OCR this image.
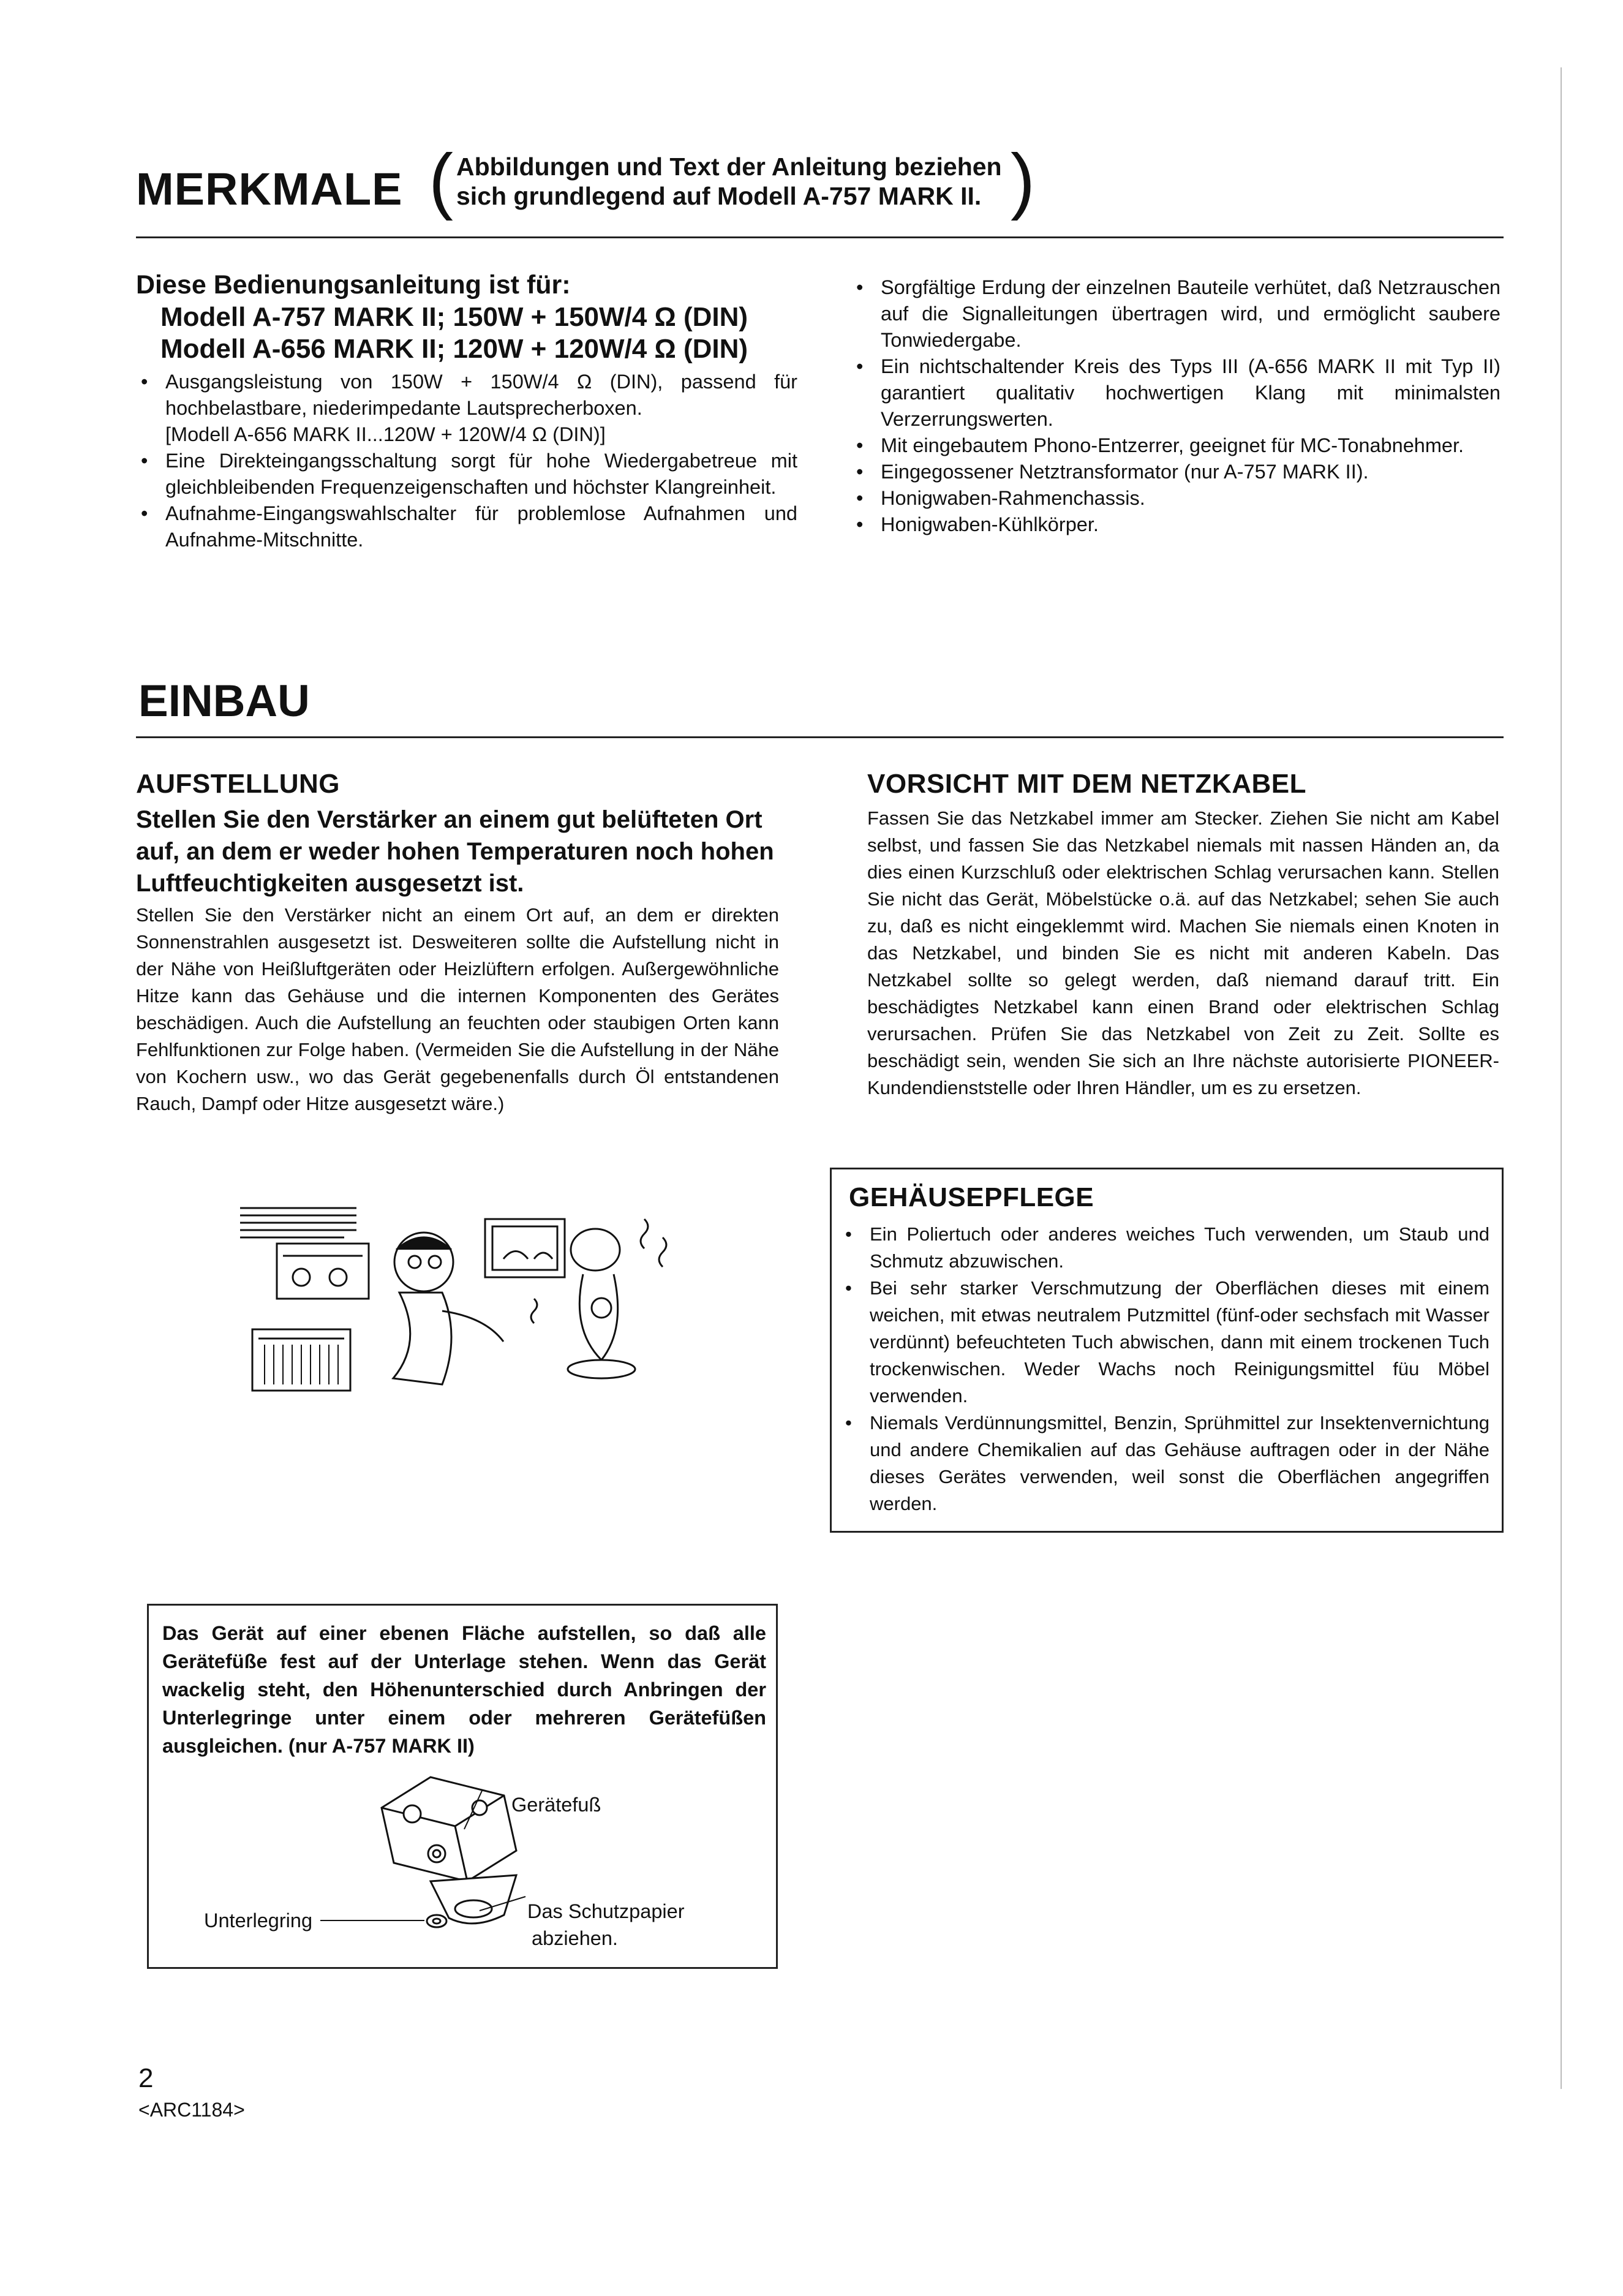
MERKMALE ( Abbildungen und Text der Anleitung beziehen
sich grundlegend auf Modell A-757 MARK II. )
Diese Bedienungsanleitung ist für:
Modell A-757 MARK II; 150W + 150W/4 Ω (DIN)
Modell A-656 MARK II; 120W + 120W/4 Ω (DIN)
• Ausgangsleistung von 150W + 150W/4 Ω (DIN), passend für hochbelastbare, niederimpedante Lautsprecherboxen.
[Modell A-656 MARK II...120W + 120W/4 Ω (DIN)]
• Eine Direkteingangsschaltung sorgt für hohe Wiedergabetreue mit gleichbleibenden Frequenzeigenschaften und höchster Klangreinheit.
• Aufnahme-Eingangswahlschalter für problemlose Aufnahmen und Aufnahme-Mitschnitte.
• Sorgfältige Erdung der einzelnen Bauteile verhütet, daß Netzrauschen auf die Signalleitungen übertragen wird, und ermöglicht saubere Tonwiedergabe.
• Ein nichtschaltender Kreis des Typs III (A-656 MARK II mit Typ II) garantiert qualitativ hochwertigen Klang mit minimalsten Verzerrungswerten.
• Mit eingebautem Phono-Entzerrer, geeignet für MC-Tonabnehmer.
• Eingegossener Netztransformator (nur A-757 MARK II).
• Honigwaben-Rahmenchassis.
• Honigwaben-Kühlkörper.
EINBAU
AUFSTELLUNG
Stellen Sie den Verstärker an einem gut belüfteten Ort auf, an dem er weder hohen Temperaturen noch hohen Luftfeuchtigkeiten ausgesetzt ist.
Stellen Sie den Verstärker nicht an einem Ort auf, an dem er direkten Sonnenstrahlen ausgesetzt ist. Desweiteren sollte die Aufstellung nicht in der Nähe von Heißluftgeräten oder Heizlüftern erfolgen. Außergewöhnliche Hitze kann das Gehäuse und die internen Komponenten des Gerätes beschädigen. Auch die Aufstellung an feuchten oder staubigen Orten kann Fehlfunktionen zur Folge haben. (Vermeiden Sie die Aufstellung in der Nähe von Kochern usw., wo das Gerät gegebenenfalls durch Öl entstandenen Rauch, Dampf oder Hitze ausgesetzt wäre.)
VORSICHT MIT DEM NETZKABEL
Fassen Sie das Netzkabel immer am Stecker. Ziehen Sie nicht am Kabel selbst, und fassen Sie das Netzkabel niemals mit nassen Händen an, da dies einen Kurzschluß oder elektrischen Schlag verursachen kann. Stellen Sie nicht das Gerät, Möbelstücke o.ä. auf das Netzkabel; sehen Sie auch zu, daß es nicht eingeklemmt wird. Machen Sie niemals einen Knoten in das Netzkabel, und binden Sie es nicht mit anderen Kabeln. Das Netzkabel sollte so gelegt werden, daß niemand darauf tritt. Ein beschädigtes Netzkabel kann einen Brand oder elektrischen Schlag verursachen. Prüfen Sie das Netzkabel von Zeit zu Zeit. Sollte es beschädigt sein, wenden Sie sich an Ihre nächste autorisierte PIONEER-Kundendienststelle oder Ihren Händler, um es zu ersetzen.
GEHÄUSEPFLEGE
• Ein Poliertuch oder anderes weiches Tuch verwenden, um Staub und Schmutz abzuwischen.
• Bei sehr starker Verschmutzung der Oberflächen dieses mit einem weichen, mit etwas neutralem Putzmittel (fünf-oder sechsfach mit Wasser verdünnt) befeuchteten Tuch abwischen, dann mit einem trockenen Tuch trockenwischen. Weder Wachs noch Reinigungsmittel füu Möbel verwenden.
• Niemals Verdünnungsmittel, Benzin, Sprühmittel zur Insektenvernichtung und andere Chemikalien auf das Gehäuse auftragen oder in der Nähe dieses Gerätes verwenden, weil sonst die Oberflächen angegriffen werden.
Das Gerät auf einer ebenen Fläche aufstellen, so daß alle Gerätefüße fest auf der Unterlage stehen. Wenn das Gerät wackelig steht, den Höhenunterschied durch Anbringen der Unterlegringe unter einem oder mehreren Gerätefüßen ausgleichen. (nur A-757 MARK II)
Gerätefuß
Unterlegring	Das Schutzpapier
abziehen.
2
<ARC1184>
